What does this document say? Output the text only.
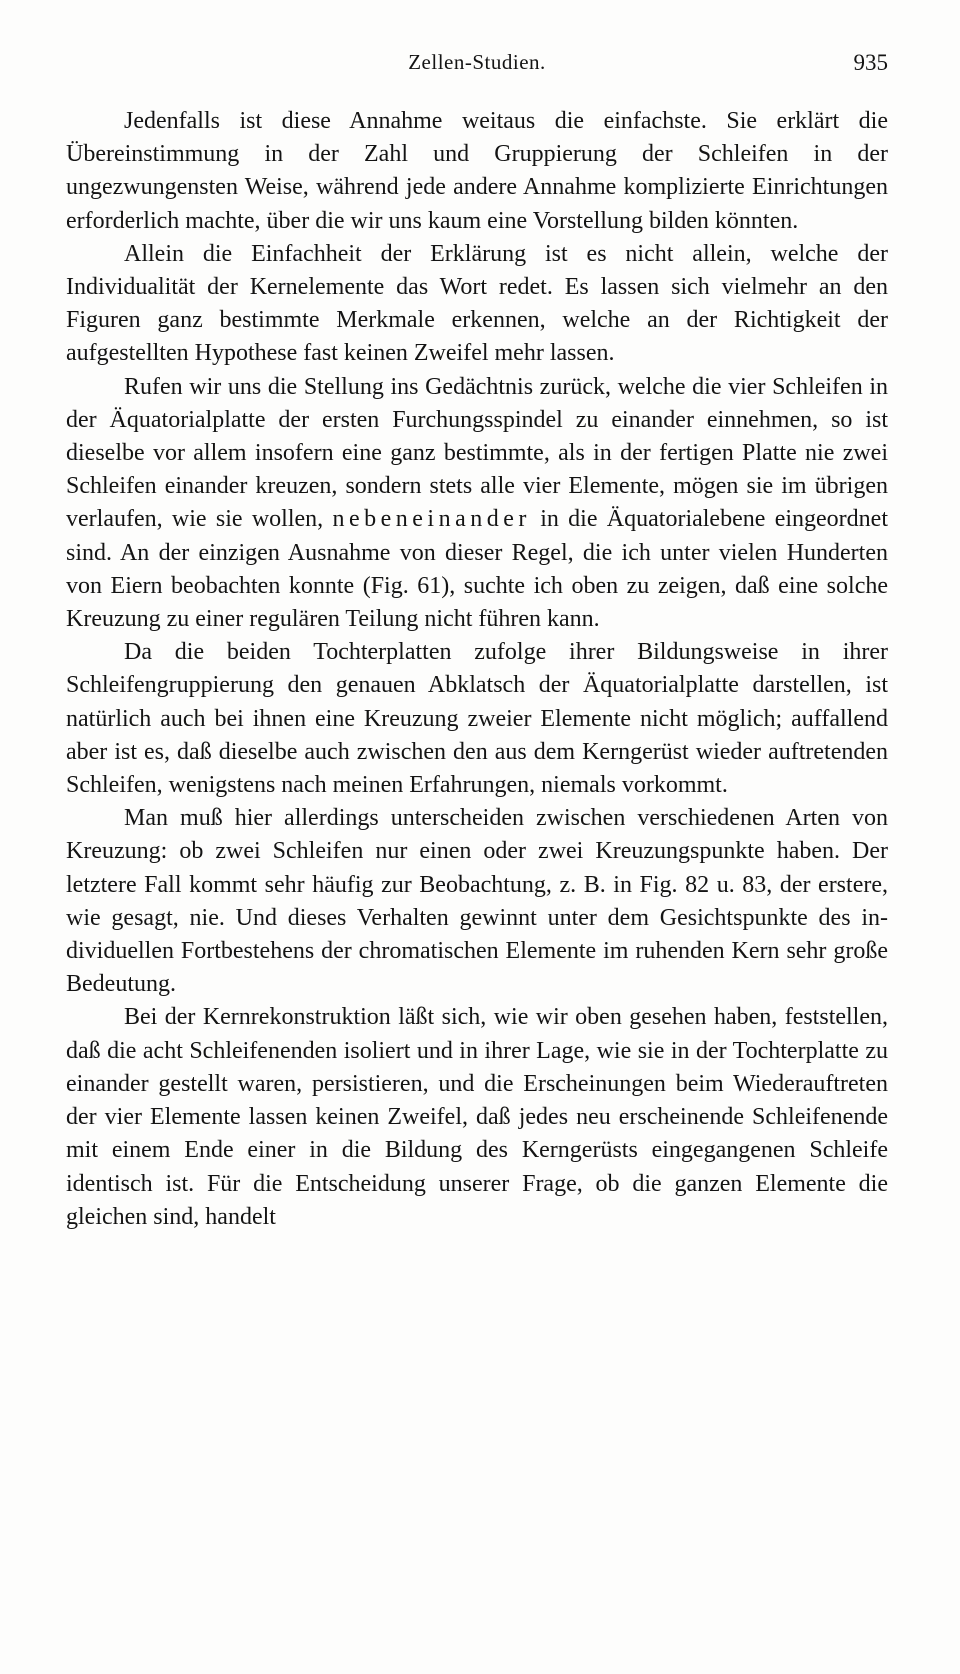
Zellen-Studien.	935

Jedenfalls ist diese Annahme weitaus die einfachste. Sie erklärt die Übereinstimmung in der Zahl und Gruppierung der Schleifen in der ungezwungensten Weise, während jede andere Annahme komplizierte Einrichtungen erforderlich machte, über die wir uns kaum eine Vorstellung bilden könnten.

Allein die Einfachheit der Erklärung ist es nicht allein, welche der Individualität der Kernelemente das Wort redet. Es lassen sich vielmehr an den Figuren ganz bestimmte Merkmale erkennen, welche an der Richtigkeit der aufgestellten Hypothese fast keinen Zweifel mehr lassen.

Rufen wir uns die Stellung ins Gedächtnis zurück, welche die vier Schleifen in der Äquatorialplatte der ersten Furchungsspindel zu einander einnehmen, so ist dieselbe vor allem insofern eine ganz bestimmte, als in der fertigen Platte nie zwei Schleifen einander kreuzen, sondern stets alle vier Elemente, mögen sie im übrigen verlaufen, wie sie wollen, nebeneinander in die Äquatorialebene eingeordnet sind. An der einzigen Ausnahme von dieser Regel, die ich unter vielen Hunderten von Eiern beobachten konnte (Fig. 61), suchte ich oben zu zeigen, daß eine solche Kreuzung zu einer regulären Teilung nicht führen kann.

Da die beiden Tochterplatten zufolge ihrer Bildungsweise in ihrer Schleifengruppierung den genauen Abklatsch der Äquatorialplatte darstellen, ist natürlich auch bei ihnen eine Kreuzung zweier Elemente nicht möglich; auffallend aber ist es, daß dieselbe auch zwischen den aus dem Kerngerüst wieder auftretenden Schleifen, wenigstens nach meinen Erfahrungen, niemals vorkommt.

Man muß hier allerdings unterscheiden zwischen verschiedenen Arten von Kreuzung: ob zwei Schleifen nur einen oder zwei Kreuzungspunkte haben. Der letztere Fall kommt sehr häufig zur Beobachtung, z. B. in Fig. 82 u. 83, der erstere, wie gesagt, nie. Und dieses Verhalten gewinnt unter dem Gesichtspunkte des individuellen Fortbestehens der chromatischen Elemente im ruhenden Kern sehr große Bedeutung.

Bei der Kernrekonstruktion läßt sich, wie wir oben gesehen haben, feststellen, daß die acht Schleifenenden isoliert und in ihrer Lage, wie sie in der Tochterplatte zu einander gestellt waren, persistieren, und die Erscheinungen beim Wiederauftreten der vier Elemente lassen keinen Zweifel, daß jedes neu erscheinende Schleifenende mit einem Ende einer in die Bildung des Kerngerüsts eingegangenen Schleife identisch ist. Für die Entscheidung unserer Frage, ob die ganzen Elemente die gleichen sind, handelt
